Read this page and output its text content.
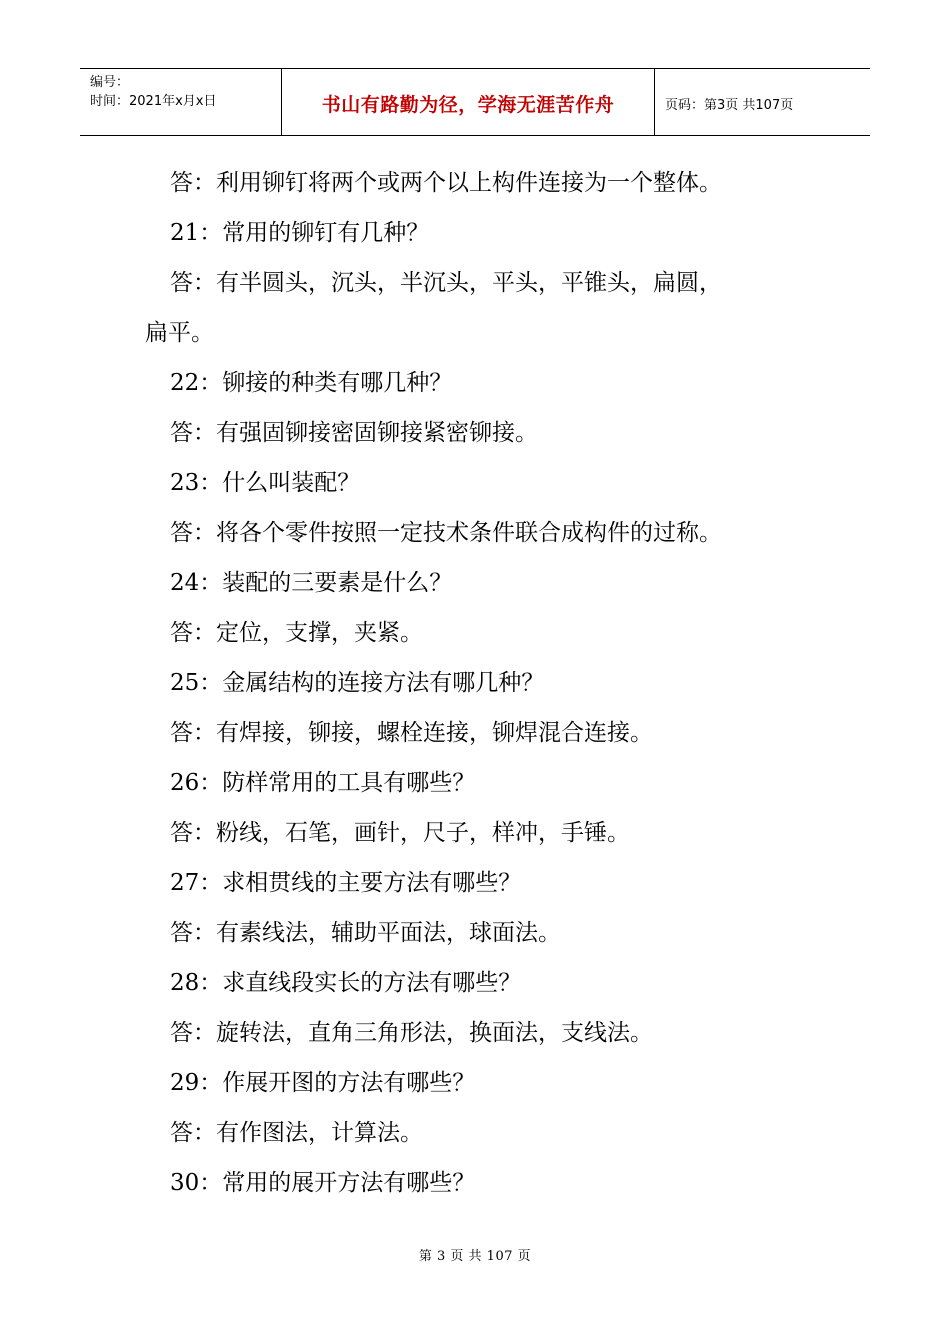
编号：
时间：2021年x月x日	书山有路勤为径，学海无涯苦作舟	页码：第3页 共107页
答：利用铆钉将两个或两个以上构件连接为一个整体。
21：常用的铆钉有几种？
答：有半圆头，沉头，半沉头，平头，平锥头，扁圆，
扁平。
22：铆接的种类有哪几种？
答：有强固铆接密固铆接紧密铆接。
23：什么叫装配？
答：将各个零件按照一定技术条件联合成构件的过称。
24：装配的三要素是什么？
答：定位，支撑，夹紧。
25：金属结构的连接方法有哪几种？
答：有焊接，铆接，螺栓连接，铆焊混合连接。
26：防样常用的工具有哪些？
答：粉线，石笔，画针，尺子，样冲，手锤。
27：求相贯线的主要方法有哪些？
答：有素线法，辅助平面法，球面法。
28：求直线段实长的方法有哪些？
答：旋转法，直角三角形法，换面法，支线法。
29：作展开图的方法有哪些？
答：有作图法，计算法。
30：常用的展开方法有哪些？
第 3 页 共 107 页
